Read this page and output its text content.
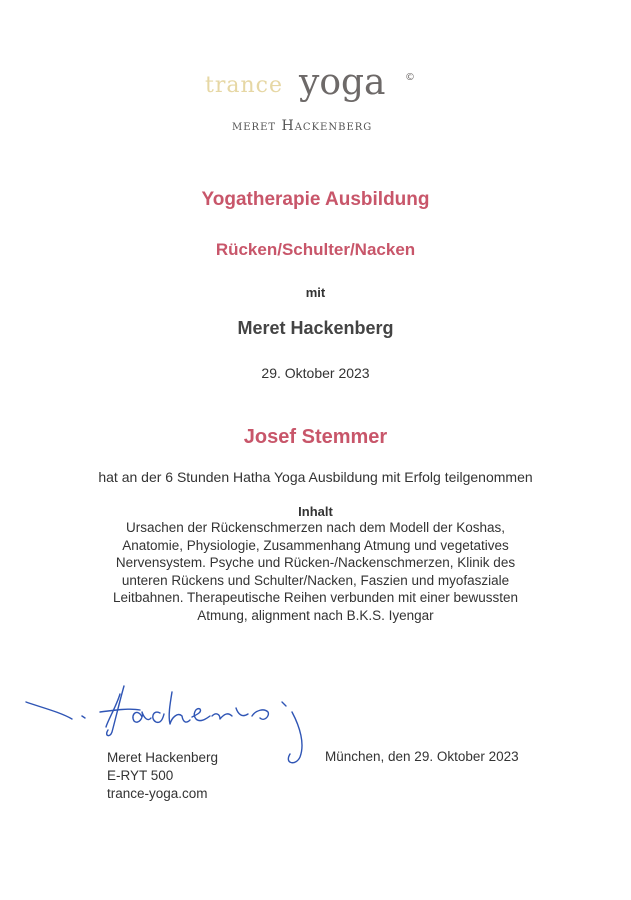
trance yoga ©
meret Hackenberg
Yogatherapie Ausbildung
Rücken/Schulter/Nacken
mit
Meret Hackenberg
29. Oktober 2023
Josef Stemmer
hat an der 6 Stunden Hatha Yoga Ausbildung mit Erfolg teilgenommen
Inhalt
Ursachen der Rückenschmerzen nach dem Modell der Koshas,
Anatomie, Physiologie, Zusammenhang Atmung und vegetatives
Nervensystem. Psyche und Rücken-/Nackenschmerzen, Klinik des
unteren Rückens und Schulter/Nacken, Faszien und myofasziale
Leitbahnen. Therapeutische Reihen verbunden mit einer bewussten
Atmung, alignment nach B.K.S. Iyengar
Meret Hackenberg
E-RYT 500
trance-yoga.com
München, den 29. Oktober 2023
